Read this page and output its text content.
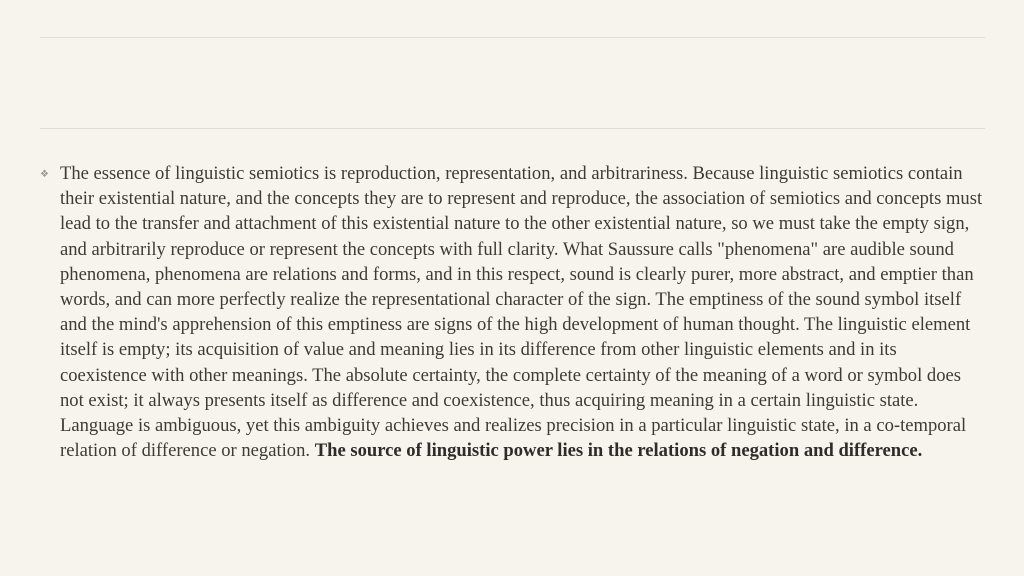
❖ The essence of linguistic semiotics is reproduction, representation, and arbitrariness. Because linguistic semiotics contain their existential nature, and the concepts they are to represent and reproduce, the association of semiotics and concepts must lead to the transfer and attachment of this existential nature to the other existential nature, so we must take the empty sign, and arbitrarily reproduce or represent the concepts with full clarity. What Saussure calls "phenomena" are audible sound phenomena, phenomena are relations and forms, and in this respect, sound is clearly purer, more abstract, and emptier than words, and can more perfectly realize the representational character of the sign. The emptiness of the sound symbol itself and the mind's apprehension of this emptiness are signs of the high development of human thought. The linguistic element itself is empty; its acquisition of value and meaning lies in its difference from other linguistic elements and in its coexistence with other meanings. The absolute certainty, the complete certainty of the meaning of a word or symbol does not exist; it always presents itself as difference and coexistence, thus acquiring meaning in a certain linguistic state. Language is ambiguous, yet this ambiguity achieves and realizes precision in a particular linguistic state, in a co-temporal relation of difference or negation. The source of linguistic power lies in the relations of negation and difference.
